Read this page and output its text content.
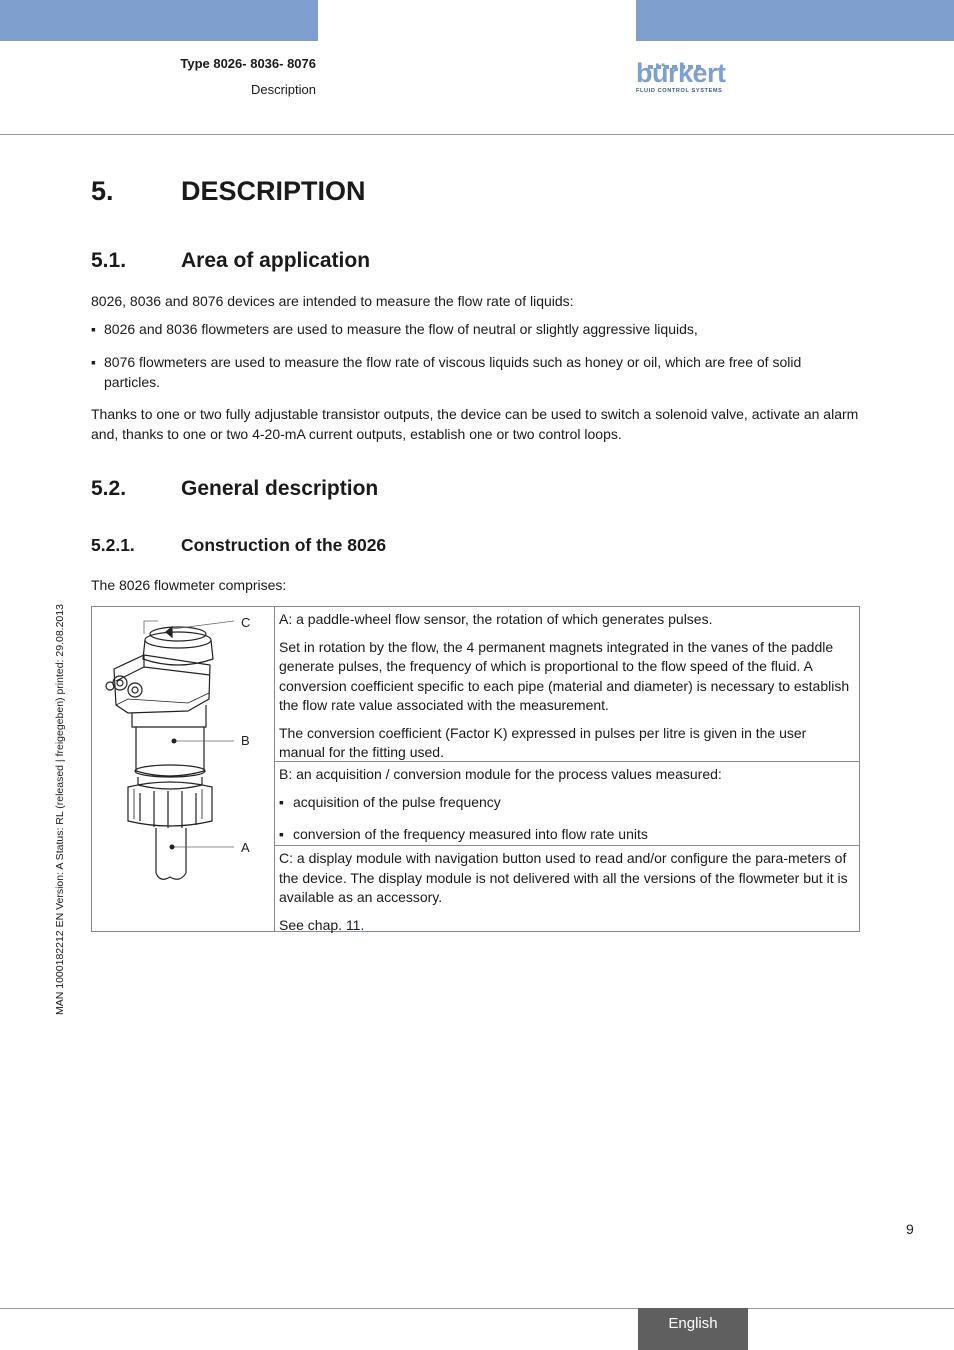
Type 8026- 8036- 8076
Description
bürkert
FLUID CONTROL SYSTEMS
MAN 1000182212 EN Version: A Status: RL (released | freigegeben) printed: 29.08.2013
5. DESCRIPTION
5.1.	Area of application

8026, 8036 and 8076 devices are intended to measure the flow rate of liquids:

▪ 8026 and 8036 flowmeters are used to measure the flow of neutral or slightly aggressive liquids,
▪ 8076 flowmeters are used to measure the flow rate of viscous liquids such as honey or oil, which are free of solid particles.

Thanks to one or two fully adjustable transistor outputs, the device can be used to switch a solenoid valve, activate an alarm and, thanks to one or two 4-20-mA current outputs, establish one or two control loops.

5.2.	General description
5.2.1.	Construction of the 8026

The 8026 flowmeter comprises:

C
B
A

A: a paddle-wheel flow sensor, the rotation of which generates pulses.

Set in rotation by the flow, the 4 permanent magnets integrated in the vanes of the paddle generate pulses, the frequency of which is proportional to the flow speed of the fluid. A conversion coefficient specific to each pipe (material and diameter) is necessary to establish the flow rate value associated with the measurement.

The conversion coefficient (Factor K) expressed in pulses per litre is given in the user manual for the fitting used.

B: an acquisition / conversion module for the process values measured:

▪ acquisition of the pulse frequency
▪ conversion of the frequency measured into flow rate units

C: a display module with navigation button used to read and/or configure the para-meters of the device. The display module is not delivered with all the versions of the flowmeter but it is available as an accessory.

See chap. 11.

9
English
